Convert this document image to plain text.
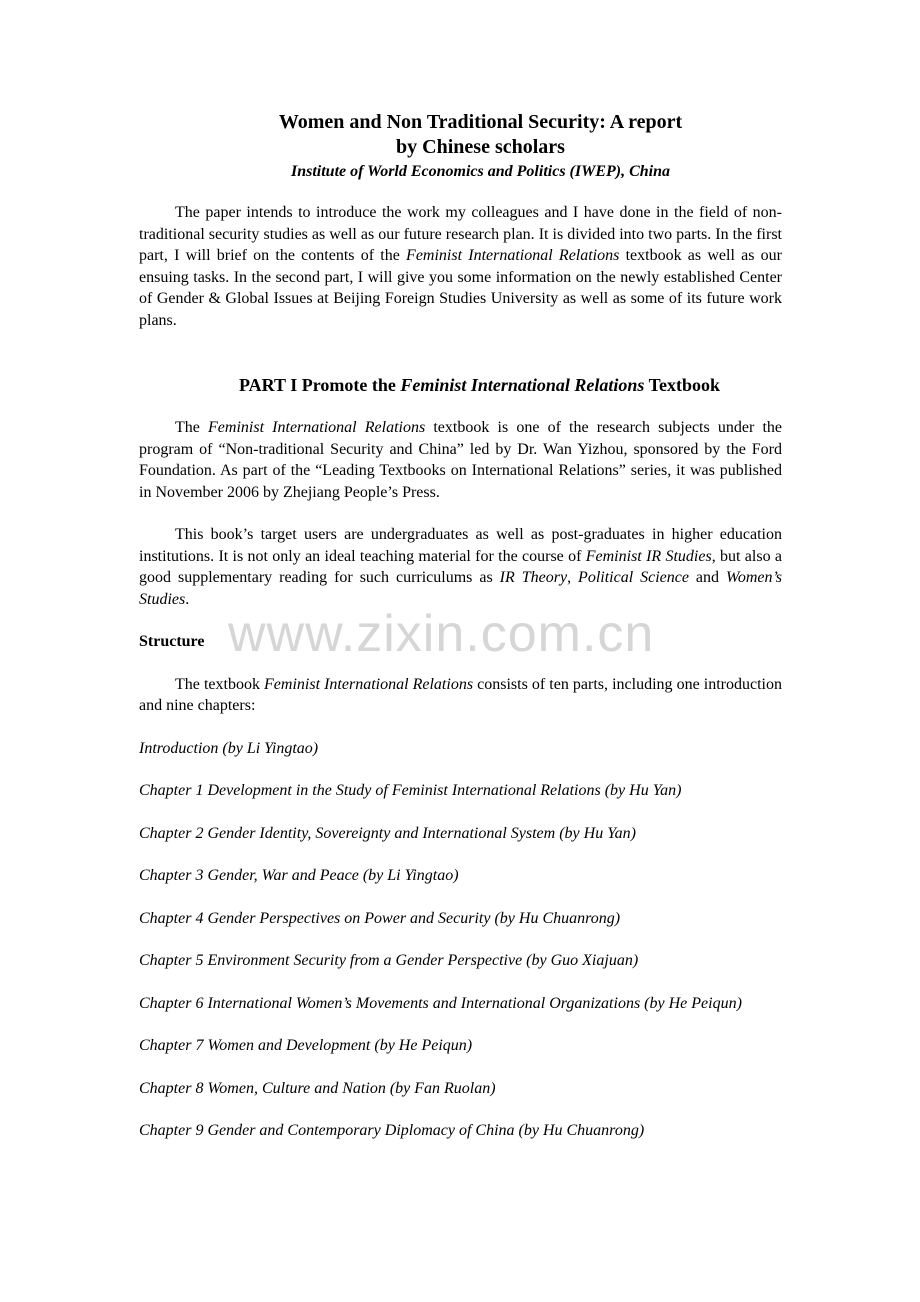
Women and Non Traditional Security: A report

by Chinese scholars

Institute of World Economics and Politics (IWEP), China

The paper intends to introduce the work my colleagues and I have done in the field of non-traditional security studies as well as our future research plan. It is divided into two parts. In the first part, I will brief on the contents of the Feminist International Relations textbook as well as our ensuing tasks. In the second part, I will give you some information on the newly established Center of Gender & Global Issues at Beijing Foreign Studies University as well as some of its future work plans.

PART I Promote the Feminist International Relations Textbook

The Feminist International Relations textbook is one of the research subjects under the program of “Non-traditional Security and China” led by Dr. Wan Yizhou, sponsored by the Ford Foundation. As part of the “Leading Textbooks on International Relations” series, it was published in November 2006 by Zhejiang People’s Press.

This book’s target users are undergraduates as well as post-graduates in higher education institutions. It is not only an ideal teaching material for the course of Feminist IR Studies, but also a good supplementary reading for such curriculums as IR Theory, Political Science and Women’s Studies.

Structure

The textbook Feminist International Relations consists of ten parts, including one introduction and nine chapters:

Introduction (by Li Yingtao)

Chapter 1 Development in the Study of Feminist International Relations (by Hu Yan)

Chapter 2 Gender Identity, Sovereignty and International System (by Hu Yan)

Chapter 3 Gender, War and Peace (by Li Yingtao)

Chapter 4 Gender Perspectives on Power and Security (by Hu Chuanrong)

Chapter 5 Environment Security from a Gender Perspective (by Guo Xiajuan)

Chapter 6 International Women’s Movements and International Organizations (by He Peiqun)

Chapter 7 Women and Development (by He Peiqun)

Chapter 8 Women, Culture and Nation (by Fan Ruolan)

Chapter 9 Gender and Contemporary Diplomacy of China (by Hu Chuanrong)

www.zixin.com.cn
